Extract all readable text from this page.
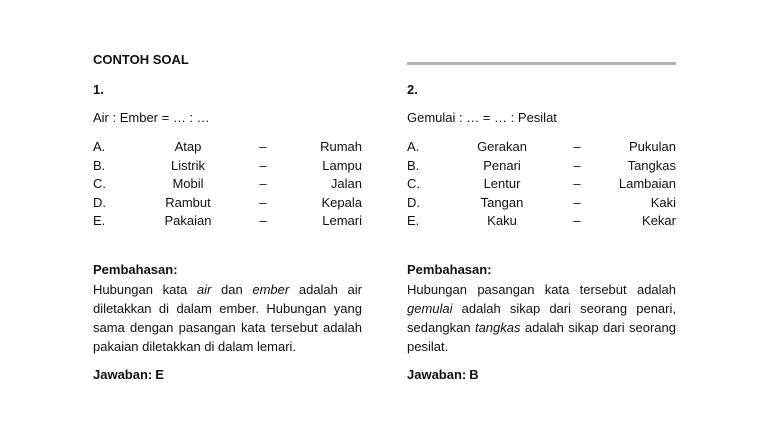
CONTOH SOAL
1.
Air : Ember = … : …
A.	Atap	–	Rumah
B.	Listrik	–	Lampu
C.	Mobil	–	Jalan
D.	Rambut	–	Kepala
E.	Pakaian	–	Lemari
Pembahasan:
Hubungan kata air dan ember adalah air diletakkan di dalam ember. Hubungan yang sama dengan pasangan kata tersebut adalah pakaian diletakkan di dalam lemari.
Jawaban: E
2.
Gemulai : … = … : Pesilat
A.	Gerakan	–	Pukulan
B.	Penari	–	Tangkas
C.	Lentur	–	Lambaian
D.	Tangan	–	Kaki
E.	Kaku	–	Kekar
Pembahasan:
Hubungan pasangan kata tersebut adalah gemulai adalah sikap dari seorang penari, sedangkan tangkas adalah sikap dari seorang pesilat.
Jawaban: B
